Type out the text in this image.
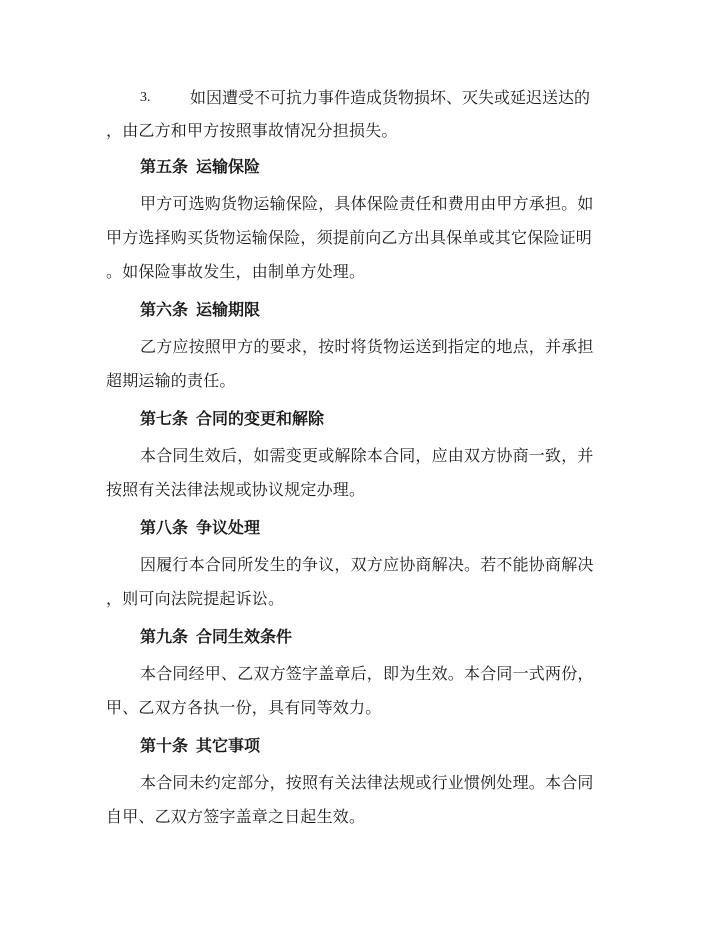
3. 如因遭受不可抗力事件造成货物损坏、灭失或延迟送达的
，由乙方和甲方按照事故情况分担损失。
第五条 运输保险
甲方可选购货物运输保险，具体保险责任和费用由甲方承担。如
甲方选择购买货物运输保险，须提前向乙方出具保单或其它保险证明
。如保险事故发生，由制单方处理。
第六条 运输期限
乙方应按照甲方的要求，按时将货物运送到指定的地点，并承担
超期运输的责任。
第七条 合同的变更和解除
本合同生效后，如需变更或解除本合同，应由双方协商一致，并
按照有关法律法规或协议规定办理。
第八条 争议处理
因履行本合同所发生的争议，双方应协商解决。若不能协商解决
，则可向法院提起诉讼。
第九条 合同生效条件
本合同经甲、乙双方签字盖章后，即为生效。本合同一式两份，
甲、乙双方各执一份，具有同等效力。
第十条 其它事项
本合同未约定部分，按照有关法律法规或行业惯例处理。本合同
自甲、乙双方签字盖章之日起生效。
